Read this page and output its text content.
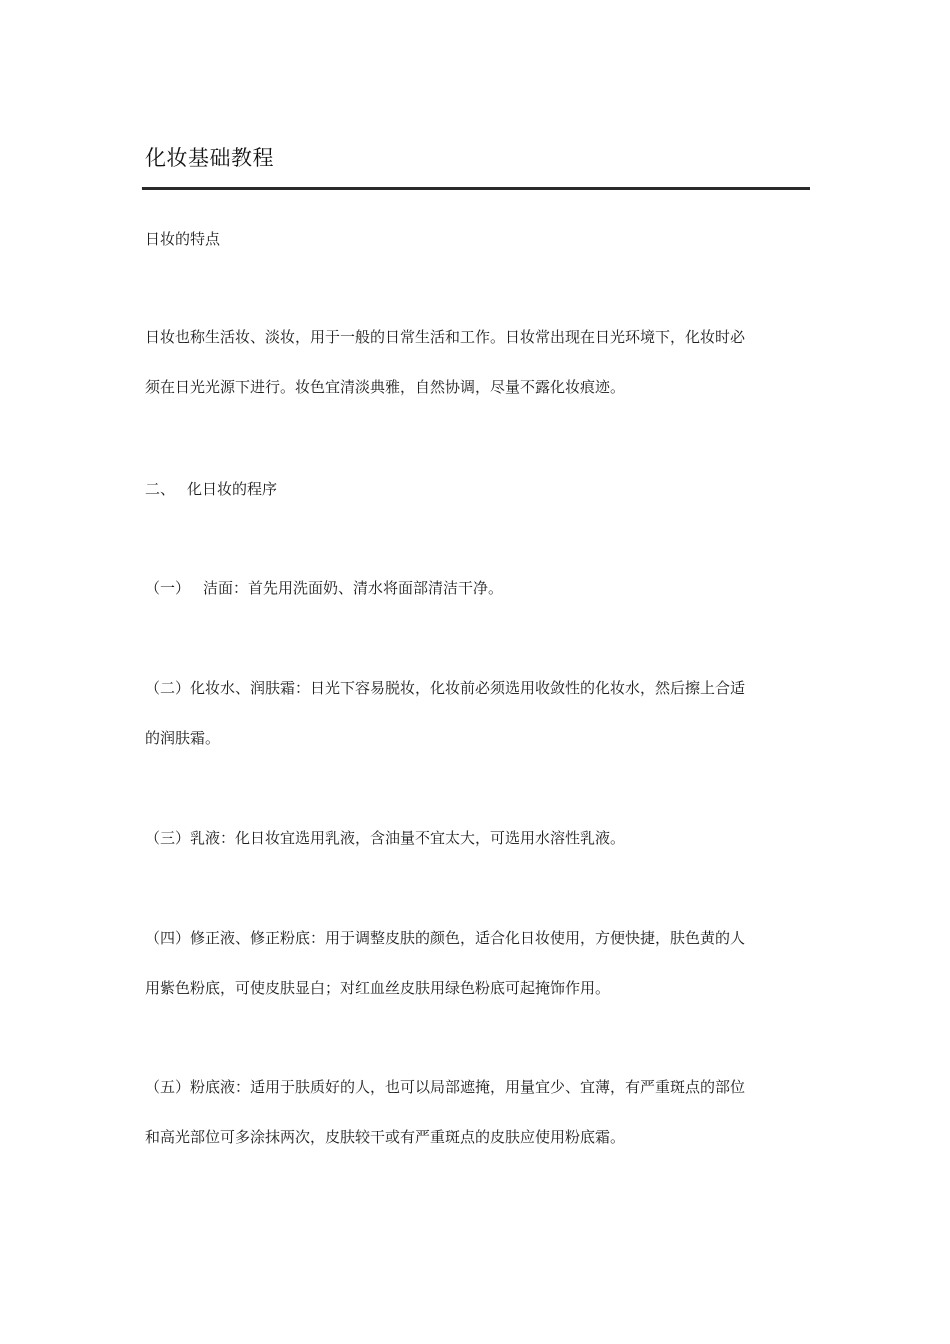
化妆基础教程
日妆的特点
日妆也称生活妆、淡妆，用于一般的日常生活和工作。日妆常出现在日光环境下，化妆时必
须在日光光源下进行。妆色宜清淡典雅，自然协调，尽量不露化妆痕迹。
二、 化日妆的程序
（一） 洁面：首先用洗面奶、清水将面部清洁干净。
（二）化妆水、润肤霜：日光下容易脱妆，化妆前必须选用收敛性的化妆水，然后擦上合适
的润肤霜。
（三）乳液：化日妆宜选用乳液，含油量不宜太大，可选用水溶性乳液。
（四）修正液、修正粉底：用于调整皮肤的颜色，适合化日妆使用，方便快捷，肤色黄的人
用紫色粉底，可使皮肤显白；对红血丝皮肤用绿色粉底可起掩饰作用。
（五）粉底液：适用于肤质好的人，也可以局部遮掩，用量宜少、宜薄，有严重斑点的部位
和高光部位可多涂抹两次，皮肤较干或有严重斑点的皮肤应使用粉底霜。
